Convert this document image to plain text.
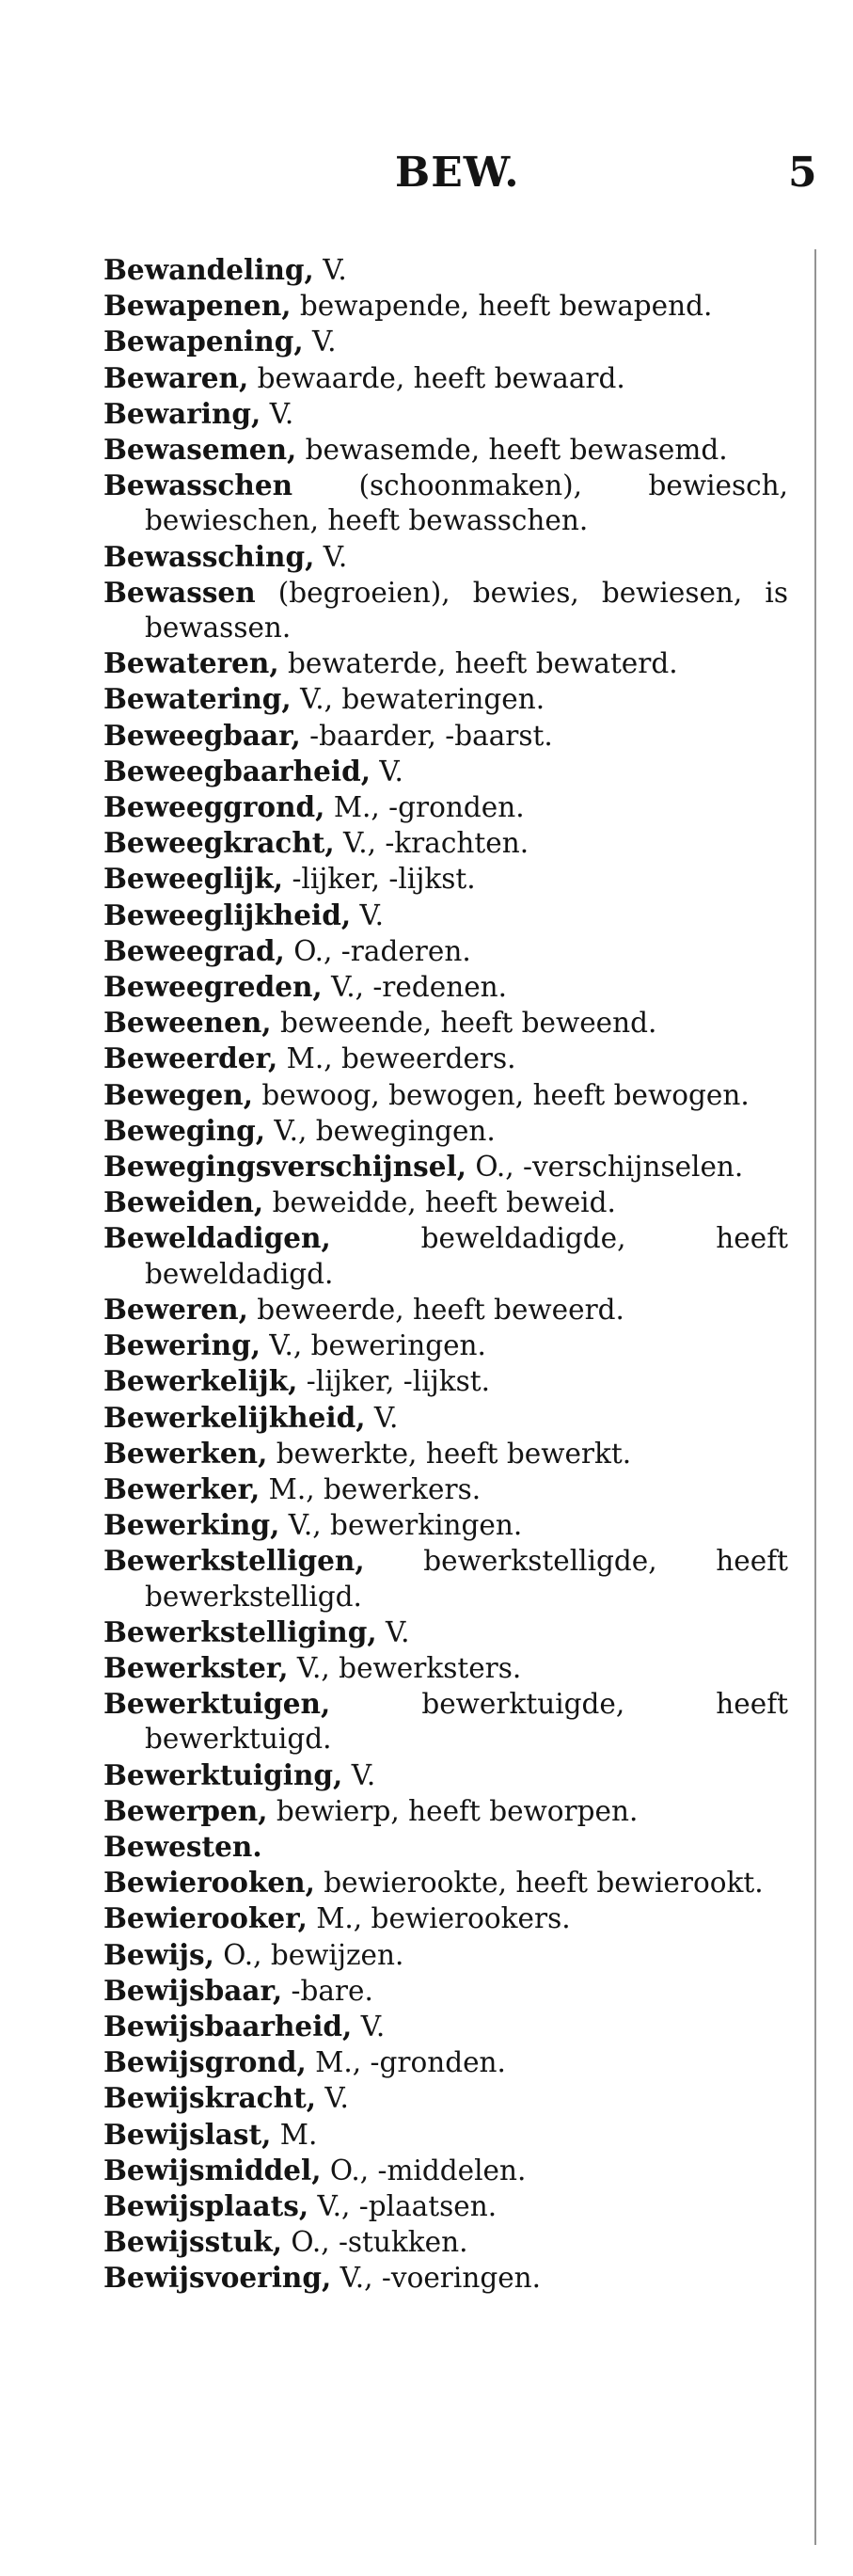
BEW.	5
Bewandeling, V.
Bewapenen, bewapende, heeft bewapend.
Bewapening, V.
Bewaren, bewaarde, heeft bewaard.
Bewaring, V.
Bewasemen, bewasemde, heeft bewasemd.
Bewasschen (schoonmaken), bewiesch, bewieschen, heeft bewasschen.
Bewassching, V.
Bewassen (begroeien), bewies, bewiesen, is bewassen.
Bewateren, bewaterde, heeft bewaterd.
Bewatering, V., bewateringen.
Beweegbaar, -baarder, -baarst.
Beweegbaarheid, V.
Beweeggrond, M., -gronden.
Beweegkracht, V., -krachten.
Beweeglijk, -lijker, -lijkst.
Beweeglijkheid, V.
Beweegrad, O., -raderen.
Beweegreden, V., -redenen.
Beweenen, beweende, heeft beweend.
Beweerder, M., beweerders.
Bewegen, bewoog, bewogen, heeft bewogen.
Beweging, V., bewegingen.
Bewegingsverschijnsel, O., -verschijnselen.
Beweiden, beweidde, heeft beweid.
Beweldadigen, beweldadigde, heeft beweldadigd.
Beweren, beweerde, heeft beweerd.
Bewering, V., beweringen.
Bewerkelijk, -lijker, -lijkst.
Bewerkelijkheid, V.
Bewerken, bewerkte, heeft bewerkt.
Bewerker, M., bewerkers.
Bewerking, V., bewerkingen.
Bewerkstelligen, bewerkstelligde, heeft bewerkstelligd.
Bewerkstelliging, V.
Bewerkster, V., bewerksters.
Bewerktuigen, bewerktuigde, heeft bewerktuigd.
Bewerktuiging, V.
Bewerpen, bewierp, heeft beworpen.
Bewesten.
Bewierooken, bewierookte, heeft bewierookt.
Bewierooker, M., bewierookers.
Bewijs, O., bewijzen.
Bewijsbaar, -bare.
Bewijsbaarheid, V.
Bewijsgrond, M., -gronden.
Bewijskracht, V.
Bewijslast, M.
Bewijsmiddel, O., -middelen.
Bewijsplaats, V., -plaatsen.
Bewijsstuk, O., -stukken.
Bewijsvoering, V., -voeringen.
